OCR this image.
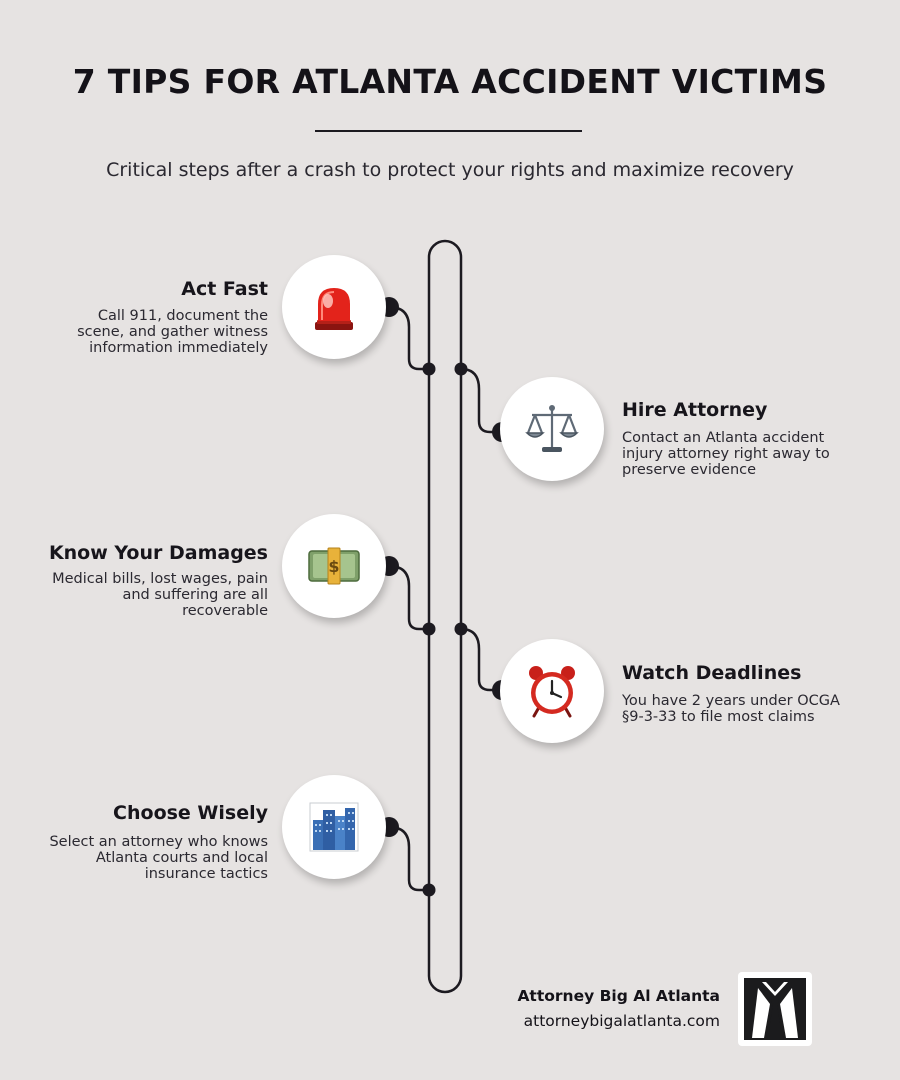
7 TIPS FOR ATLANTA ACCIDENT VICTIMS
Critical steps after a crash to protect your rights and maximize recovery
Act Fast
Call 911, document the scene, and gather witness information immediately
Hire Attorney
Contact an Atlanta accident injury attorney right away to preserve evidence
$
Know Your Damages
Medical bills, lost wages, pain and suffering are all recoverable
Watch Deadlines
You have 2 years under OCGA §9-3-33 to file most claims
Choose Wisely
Select an attorney who knows Atlanta courts and local insurance tactics
Attorney Big Al Atlanta
attorneybigalatlanta.com
